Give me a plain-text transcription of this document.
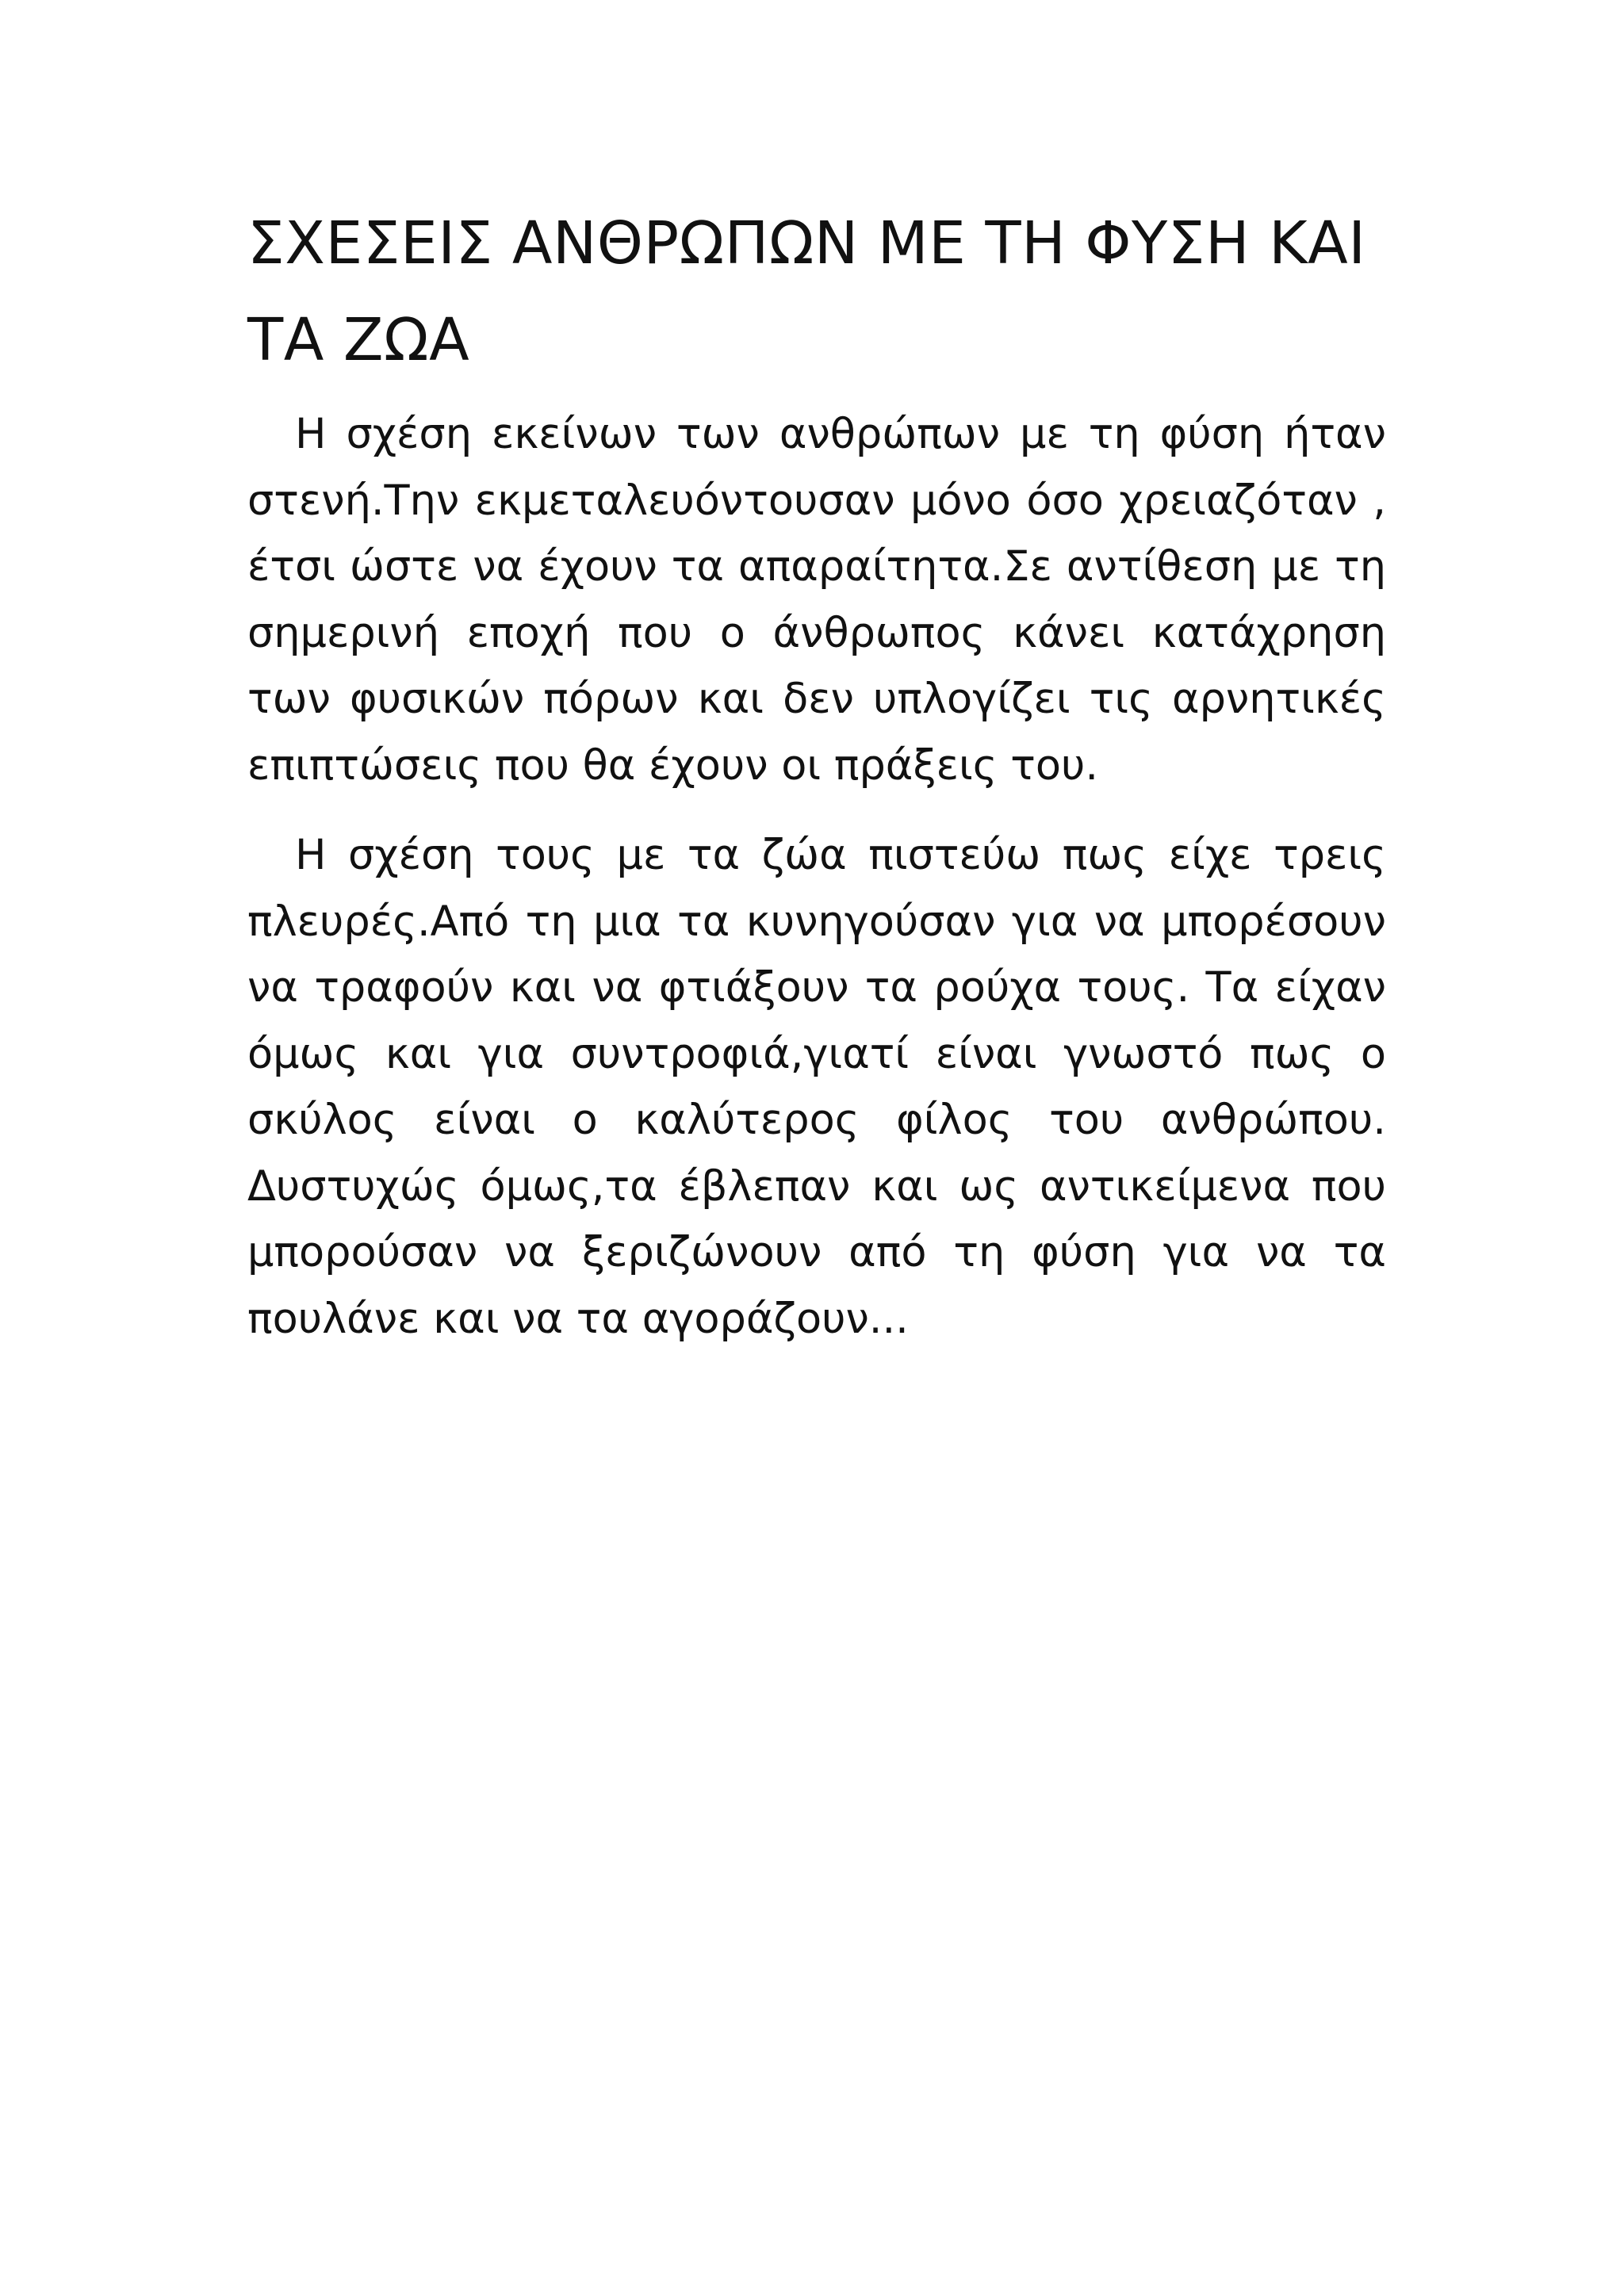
ΣΧΕΣΕΙΣ ΑΝΘΡΩΠΩΝ ΜΕ ΤΗ ΦΥΣΗ ΚΑΙ ΤΑ ΖΩΑ

Η σχέση εκείνων των ανθρώπων με τη φύση ήταν στενή.Την εκμεταλευόντουσαν μόνο όσο χρειαζόταν , έτσι ώστε να έχουν τα απαραίτητα.Σε αντίθεση με τη σημερινή εποχή που ο άνθρωπος κάνει κατάχρηση των φυσικών πόρων και δεν υπλογίζει τις αρνητικές επιπτώσεις που θα έχουν οι πράξεις του.

Η σχέση τους με τα ζώα πιστεύω πως είχε τρεις πλευρές.Από τη μια τα κυνηγούσαν για να μπορέσουν να τραφούν και να φτιάξουν τα ρούχα τους. Τα είχαν όμως και για συντροφιά,γιατί είναι γνωστό πως ο σκύλος είναι ο καλύτερος φίλος του ανθρώπου. Δυστυχώς όμως,τα έβλεπαν και ως αντικείμενα που μπορούσαν να ξεριζώνουν από τη φύση για να τα πουλάνε και να τα αγοράζουν...
